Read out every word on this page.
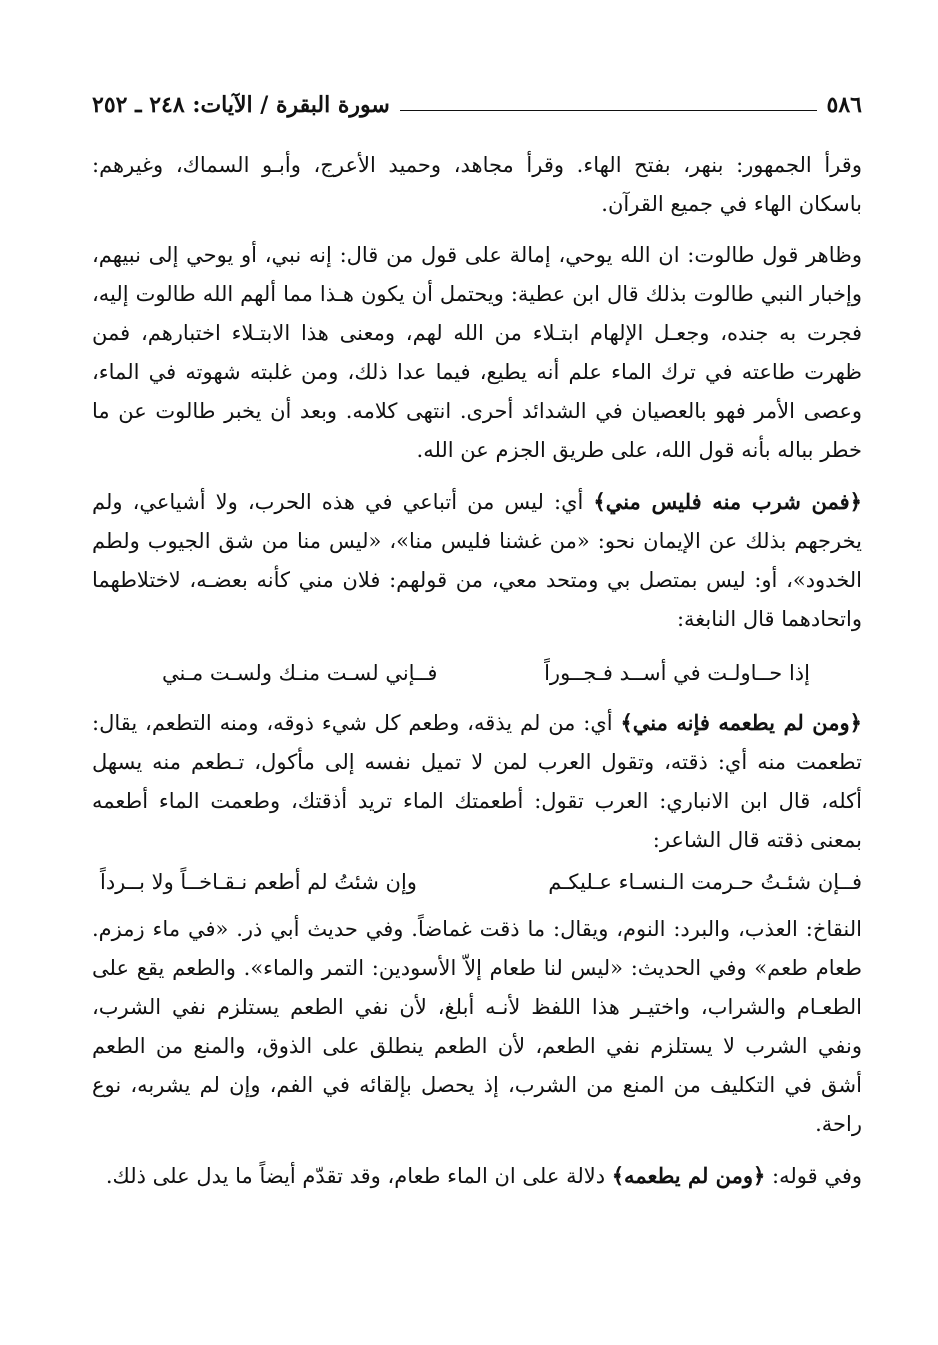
٥٨٦
سورة البقرة / الآيات: ٢٤٨ ـ ٢٥٢

وقرأ الجمهور: بنهر، بفتح الهاء. وقرأ مجاهد، وحميد الأعرج، وأبـو السماك، وغيرهم: باسكان الهاء في جميع القرآن.

وظاهر قول طالوت: ان الله يوحي، إمالة على قول من قال: إنه نبي، أو يوحي إلى نبيهم، وإخبار النبي طالوت بذلك قال ابن عطية: ويحتمل أن يكون هـذا مما ألهم الله طالوت إليه، فجرت به جنده، وجعـل الإلهام ابتـلاء من الله لهم، ومعنى هذا الابتـلاء اختبارهم، فمن ظهرت طاعته في ترك الماء علم أنه يطيع، فيما عدا ذلك، ومن غلبته شهوته في الماء، وعصى الأمر فهو بالعصيان في الشدائد أحرى. انتهى كلامه. وبعد أن يخبر طالوت عن ما خطر بباله بأنه قول الله، على طريق الجزم عن الله.

﴿فمن شرب منه فليس مني﴾ أي: ليس من أتباعي في هذه الحرب، ولا أشياعي، ولم يخرجهم بذلك عن الإيمان نحو: «من غشنا فليس منا»، «ليس منا من شق الجيوب ولطم الخدود»، أو: ليس بمتصل بي ومتحد معي، من قولهم: فلان مني كأنه بعضـه، لاختلاطهما واتحادهما قال النابغة:

إذا حــاولـت في أســد فـجــوراً
فــإني لسـت منـك ولسـت مـني

﴿ومن لم يطعمه فإنه مني﴾ أي: من لم يذقه، وطعم كل شيء ذوقه، ومنه التطعم، يقال: تطعمت منه أي: ذقته، وتقول العرب لمن لا تميل نفسه إلى مأكول، تـطعم منه يسهل أكله، قال ابن الانباري: العرب تقول: أطعمتك الماء تريد أذقتك، وطعمت الماء أطعمه بمعنى ذقته قال الشاعر:

فــإن شئـتُ حـرمت الـنسـاء عـليكـم
وإن شئتُ لم أطعم نـقـاخــاً ولا بــرداً

النقاخ: العذب، والبرد: النوم، ويقال: ما ذقت غماضاً. وفي حديث أبي ذر. «في ماء زمزم. طعام طعم» وفي الحديث: «ليس لنا طعام إلاّ الأسودين: التمر والماء». والطعم يقع على الطعـام والشراب، واختيـر هذا اللفظ لأنـه أبلغ، لأن نفي الطعم يستلزم نفي الشرب، ونفي الشرب لا يستلزم نفي الطعم، لأن الطعم ينطلق على الذوق، والمنع من الطعم أشق في التكليف من المنع من الشرب، إذ يحصل بإلقائه في الفم، وإن لم يشربه، نوع راحة.

وفي قوله: ﴿ومن لم يطعمه﴾ دلالة على ان الماء طعام، وقد تقدّم أيضاً ما يدل على ذلك.
